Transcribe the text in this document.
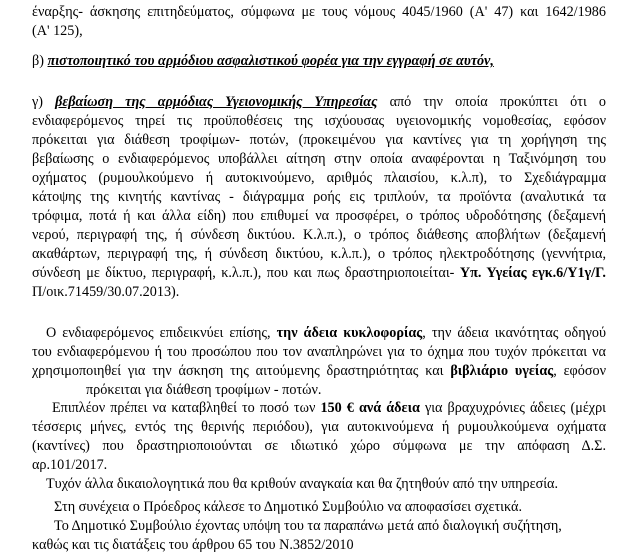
έναρξης- άσκησης επιτηδεύματος, σύμφωνα με τους νόμους 4045/1960 (Α' 47) και 1642/1986
(Α' 125),
β) πιστοποιητικό του αρμόδιου ασφαλιστικού φορέα για την εγγραφή σε αυτόν,
γ) βεβαίωση της αρμόδιας Υγειονομικής Υπηρεσίας από την οποία προκύπτει ότι ο
ενδιαφερόμενος τηρεί τις προϋποθέσεις της ισχύουσας υγειονομικής νομοθεσίας, εφόσον
πρόκειται για διάθεση τροφίμων- ποτών, (προκειμένου για καντίνες για τη χορήγηση της
βεβαίωσης ο ενδιαφερόμενος υποβάλλει αίτηση στην οποία αναφέρονται η Ταξινόμηση του
οχήματος (ρυμουλκούμενο ή αυτοκινούμενο, αριθμός πλαισίου, κ.λ.π), το Σχεδιάγραμμα
κάτοψης της κινητής καντίνας - διάγραμμα ροής εις τριπλούν, τα προϊόντα (αναλυτικά τα
τρόφιμα, ποτά ή και άλλα είδη) που επιθυμεί να προσφέρει, ο τρόπος υδροδότησης (δεξαμενή
νερού, περιγραφή της, ή σύνδεση δικτύου. Κ.λ.π.), ο τρόπος διάθεσης αποβλήτων (δεξαμενή
ακαθάρτων, περιγραφή της, ή σύνδεση δικτύου, κ.λ.π.), ο τρόπος ηλεκτροδότησης (γεννήτρια,
σύνδεση με δίκτυο, περιγραφή, κ.λ.π.), που και πως δραστηριοποιείται- Υπ. Υγείας εγκ.6/Υ1γ/Γ.
Π/οικ.71459/30.07.2013).
Ο ενδιαφερόμενος επιδεικνύει επίσης, την άδεια κυκλοφορίας, την άδεια ικανότητας οδηγού
του ενδιαφερόμενου ή του προσώπου που τον αναπληρώνει για το όχημα που τυχόν πρόκειται να
χρησιμοποιηθεί για την άσκηση της αιτούμενης δραστηριότητας και βιβλιάριο υγείας, εφόσον
πρόκειται για διάθεση τροφίμων - ποτών.
Επιπλέον πρέπει να καταβληθεί το ποσό των 150 € ανά άδεια για βραχυχρόνιες άδειες (μέχρι
τέσσερις μήνες, εντός της θερινής περιόδου), για αυτοκινούμενα ή ρυμουλκούμενα οχήματα
(καντίνες) που δραστηριοποιούνται σε ιδιωτικό χώρο σύμφωνα με την απόφαση Δ.Σ.
αρ.101/2017.
Τυχόν άλλα δικαιολογητικά που θα κριθούν αναγκαία και θα ζητηθούν από την υπηρεσία.
Στη συνέχεια ο Πρόεδρος κάλεσε το Δημοτικό Συμβούλιο να αποφασίσει σχετικά.
Το Δημοτικό Συμβούλιο έχοντας υπόψη του τα παραπάνω μετά από διαλογική συζήτηση,
καθώς και τις διατάξεις του άρθρου 65 του Ν.3852/2010
